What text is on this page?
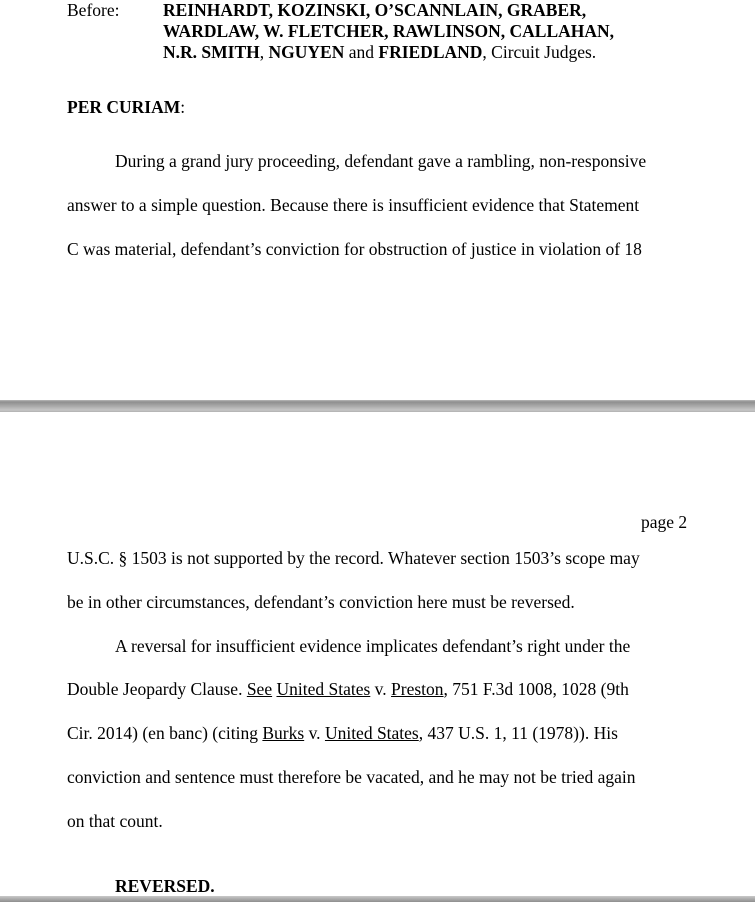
Before: REINHARDT, KOZINSKI, O’SCANNLAIN, GRABER,
WARDLAW, W. FLETCHER, RAWLINSON, CALLAHAN,
N.R. SMITH, NGUYEN and FRIEDLAND, Circuit Judges.
PER CURIAM:
During a grand jury proceeding, defendant gave a rambling, non-responsive
answer to a simple question. Because there is insufficient evidence that Statement
C was material, defendant’s conviction for obstruction of justice in violation of 18
page 2
U.S.C. § 1503 is not supported by the record. Whatever section 1503’s scope may
be in other circumstances, defendant’s conviction here must be reversed.
A reversal for insufficient evidence implicates defendant’s right under the
Double Jeopardy Clause. See United States v. Preston, 751 F.3d 1008, 1028 (9th
Cir. 2014) (en banc) (citing Burks v. United States, 437 U.S. 1, 11 (1978)). His
conviction and sentence must therefore be vacated, and he may not be tried again
on that count.
REVERSED.
